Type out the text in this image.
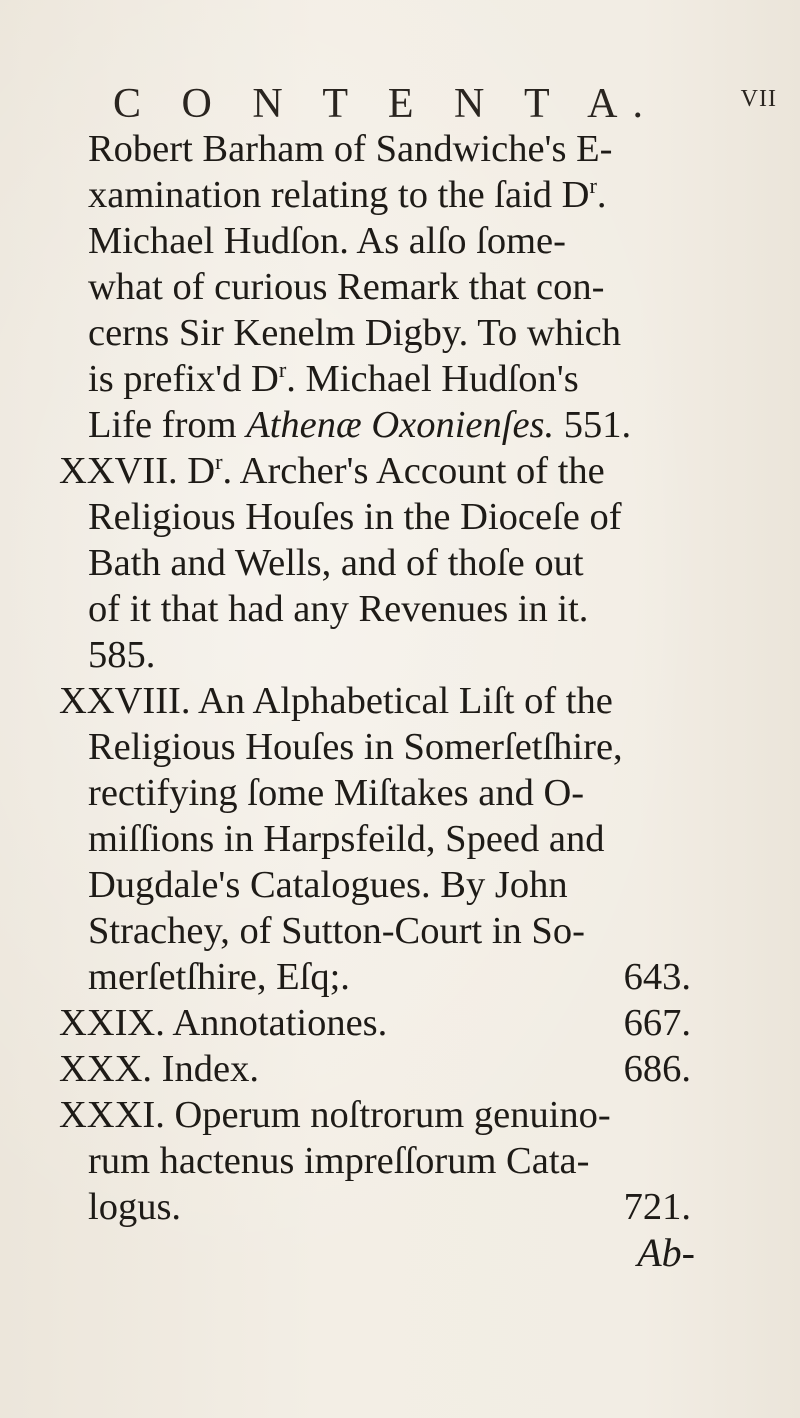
C O N T E N T A.	VII
Robert Barham of Sandwiche's E-
xamination relating to the ſaid $D^r$.
Michael Hudſon. As alſo ſome-
what of curious Remark that con-
cerns Sir Kenelm Digby. To which
is prefix'd $D^r$. Michael Hudſon's
Life from Athenæ Oxonienſes. 551.
XXVII. $D^r$. Archer's Account of the
Religious Houſes in the Dioceſe of
Bath and Wells, and of thoſe out
of it that had any Revenues in it.
585.
XXVIII. An Alphabetical Liſt of the
Religious Houſes in Somerſetſhire,
rectifying ſome Miſtakes and O-
miſſions in Harpsfeild, Speed and
Dugdale's Catalogues. By John
Strachey, of Sutton-Court in So-
merſetſhire, Eſq;.	643.
XXIX. Annotationes.	667.
XXX. Index.	686.
XXXI. Operum noſtrorum genuino-
rum hactenus impreſſorum Cata-
logus.	721.
Ab-
